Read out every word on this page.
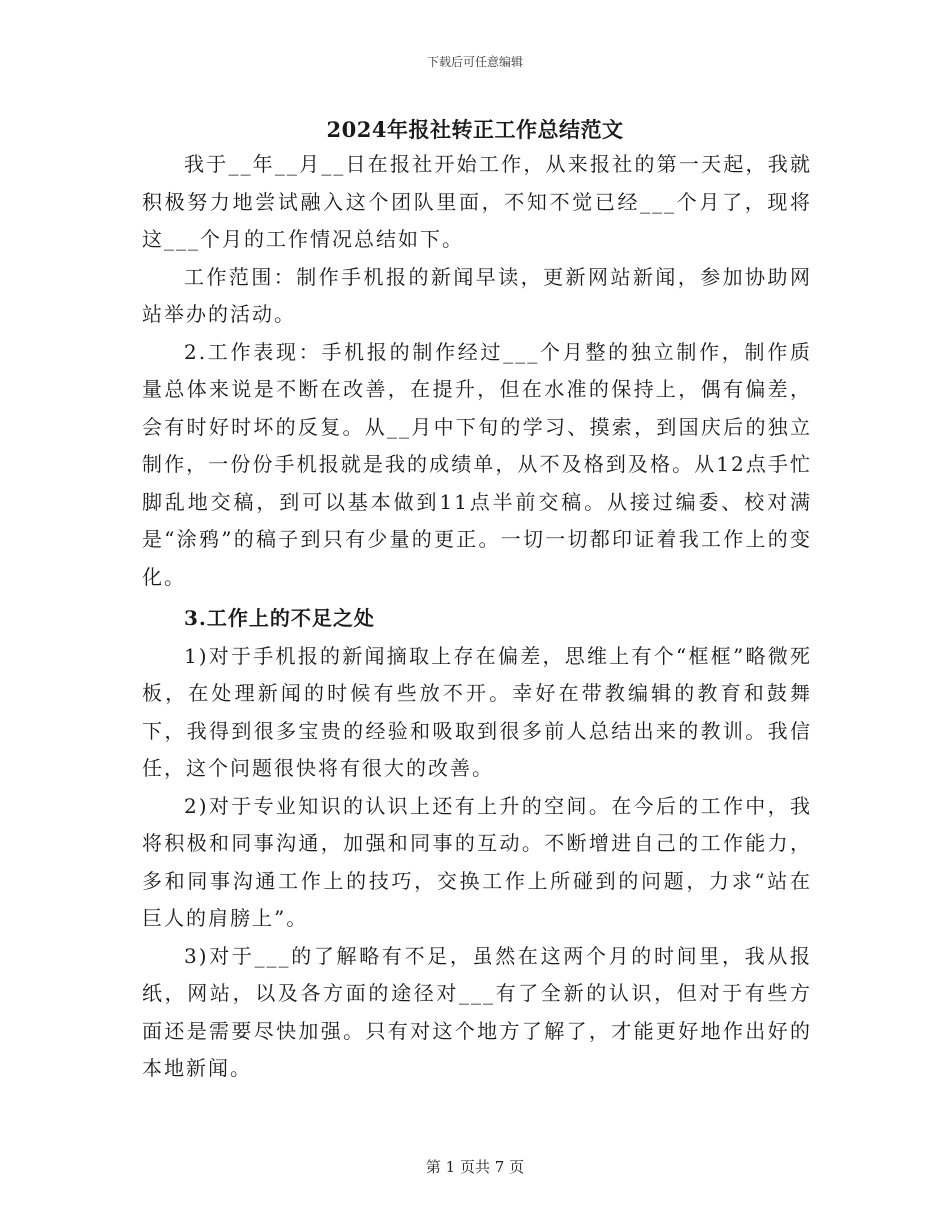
下载后可任意编辑
2024年报社转正工作总结范文

我于__年__月__日在报社开始工作，从来报社的第一天起，我就积极努力地尝试融入这个团队里面，不知不觉已经___个月了，现将这___个月的工作情况总结如下。

工作范围：制作手机报的新闻早读，更新网站新闻，参加协助网站举办的活动。

2.工作表现：手机报的制作经过___个月整的独立制作，制作质量总体来说是不断在改善，在提升，但在水准的保持上，偶有偏差，会有时好时坏的反复。从__月中下旬的学习、摸索，到国庆后的独立制作，一份份手机报就是我的成绩单，从不及格到及格。从12点手忙脚乱地交稿，到可以基本做到11点半前交稿。从接过编委、校对满是“涂鸦”的稿子到只有少量的更正。一切一切都印证着我工作上的变化。

3.工作上的不足之处

1)对于手机报的新闻摘取上存在偏差，思维上有个“框框”略微死板，在处理新闻的时候有些放不开。幸好在带教编辑的教育和鼓舞下，我得到很多宝贵的经验和吸取到很多前人总结出来的教训。我信任，这个问题很快将有很大的改善。

2)对于专业知识的认识上还有上升的空间。在今后的工作中，我将积极和同事沟通，加强和同事的互动。不断增进自己的工作能力，多和同事沟通工作上的技巧，交换工作上所碰到的问题，力求“站在巨人的肩膀上”。

3)对于___的了解略有不足，虽然在这两个月的时间里，我从报纸，网站，以及各方面的途径对___有了全新的认识，但对于有些方面还是需要尽快加强。只有对这个地方了解了，才能更好地作出好的本地新闻。

第 1 页共 7 页
